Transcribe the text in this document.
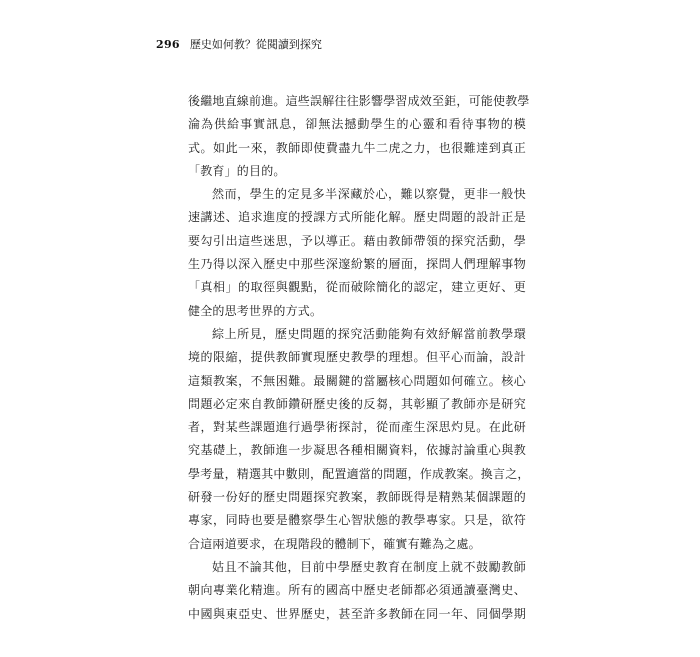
296 歷史如何教？從閱讀到探究
後繼地直線前進。這些誤解往往影響學習成效至鉅，可能使教學
淪為供給事實訊息，卻無法撼動學生的心靈和看待事物的模
式。如此一來，教師即使費盡九牛二虎之力，也很難達到真正
「教育」的目的。
然而，學生的定見多半深藏於心，難以察覺，更非一般快
速講述、追求進度的授課方式所能化解。歷史問題的設計正是
要勾引出這些迷思，予以導正。藉由教師帶領的探究活動，學
生乃得以深入歷史中那些深邃紛繁的層面，探問人們理解事物
「真相」的取徑與觀點，從而破除簡化的認定，建立更好、更
健全的思考世界的方式。
綜上所見，歷史問題的探究活動能夠有效紓解當前教學環
境的限縮，提供教師實現歷史教學的理想。但平心而論，設計
這類教案，不無困難。最關鍵的當屬核心問題如何確立。核心
問題必定來自教師鑽研歷史後的反芻，其彰顯了教師亦是研究
者，對某些課題進行過學術探討，從而產生深思灼見。在此研
究基礎上，教師進一步凝思各種相關資料，依據討論重心與教
學考量，精選其中數則，配置適當的問題，作成教案。換言之，
研發一份好的歷史問題探究教案，教師既得是精熟某個課題的
專家，同時也要是體察學生心智狀態的教學專家。只是，欲符
合這兩道要求，在現階段的體制下，確實有難為之處。
姑且不論其他，目前中學歷史教育在制度上就不鼓勵教師
朝向專業化精進。所有的國高中歷史老師都必須通讀臺灣史、
中國與東亞史、世界歷史，甚至許多教師在同一年、同個學期
